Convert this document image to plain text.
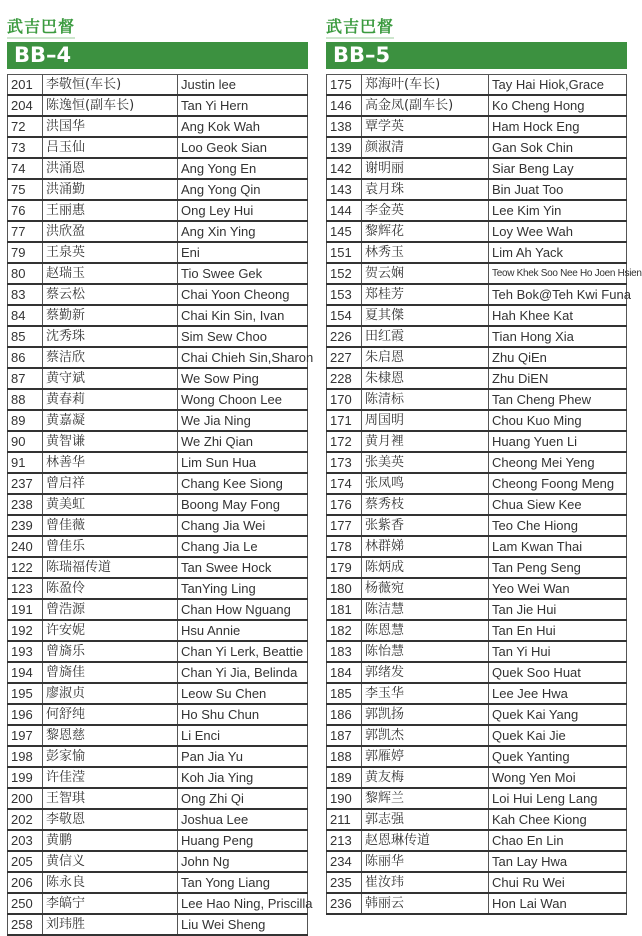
武吉巴督
BB–4
201	李敬恒(车长)	Justin lee
204	陈逸恒(副车长)	Tan Yi Hern
72	洪国华	Ang Kok Wah
73	吕玉仙	Loo Geok Sian
74	洪涌恩	Ang Yong En
75	洪涌勤	Ang Yong Qin
76	王丽惠	Ong Ley Hui
77	洪欣盈	Ang Xin Ying
79	王泉英	Eni
80	赵瑞玉	Tio Swee Gek
83	蔡云松	Chai Yoon Cheong
84	蔡勤新	Chai Kin Sin, Ivan
85	沈秀珠	Sim Sew Choo
86	蔡洁欣	Chai Chieh Sin,Sharon
87	黄守斌	We Sow Ping
88	黄春莉	Wong Choon Lee
89	黄嘉凝	We Jia Ning
90	黄智谦	We Zhi Qian
91	林善华	Lim Sun Hua
237	曾启祥	Chang Kee Siong
238	黄美虹	Boong May Fong
239	曾佳薇	Chang Jia Wei
240	曾佳乐	Chang Jia Le
122	陈瑞福传道	Tan Swee Hock
123	陈盈伶	TanYing Ling
191	曾浩源	Chan How Nguang
192	许安妮	Hsu Annie
193	曾旖乐	Chan Yi Lerk, Beattie
194	曾旖佳	Chan Yi Jia, Belinda
195	廖淑贞	Leow Su Chen
196	何舒纯	Ho Shu Chun
197	黎恩慈	Li Enci
198	彭家愉	Pan Jia Yu
199	许佳滢	Koh Jia Ying
200	王智琪	Ong Zhi Qi
202	李敬恩	Joshua Lee
203	黄鹏	Huang Peng
205	黄信义	John Ng
206	陈永良	Tan Yong Liang
250	李皜宁	Lee Hao Ning, Priscilla
258	刘玮胜	Liu Wei Sheng
武吉巴督
BB–5
175	郑海叶(车长)	Tay Hai Hiok,Grace
146	高金凤(副车长)	Ko Cheng Hong
138	覃学英	Ham Hock Eng
139	颜淑清	Gan Sok Chin
142	谢明丽	Siar Beng Lay
143	袁月珠	Bin Juat Too
144	李金英	Lee Kim Yin
145	黎辉花	Loy Wee Wah
151	林秀玉	Lim Ah Yack
152	贺云娴	Teow Khek Soo Nee Ho Joen Hsien
153	郑桂芳	Teh Bok@Teh Kwi Funa
154	夏其傑	Hah Khee Kat
226	田红霞	Tian Hong Xia
227	朱启恩	Zhu QiEn
228	朱棣恩	Zhu DiEN
170	陈清标	Tan Cheng Phew
171	周国明	Chou Kuo Ming
172	黄月裡	Huang Yuen Li
173	张美英	Cheong Mei Yeng
174	张凤鸣	Cheong Foong Meng
176	蔡秀枝	Chua Siew Kee
177	张紫香	Teo Che Hiong
178	林群娣	Lam Kwan Thai
179	陈炳成	Tan Peng Seng
180	杨薇宛	Yeo Wei Wan
181	陈洁慧	Tan Jie Hui
182	陈恩慧	Tan En Hui
183	陈怡慧	Tan Yi Hui
184	郭绪发	Quek Soo Huat
185	李玉华	Lee Jee Hwa
186	郭凯扬	Quek Kai Yang
187	郭凯杰	Quek Kai Jie
188	郭雁婷	Quek Yanting
189	黄友梅	Wong Yen Moi
190	黎辉兰	Loi Hui Leng Lang
211	郭志强	Kah Chee Kiong
213	赵恩琳传道	Chao En Lin
234	陈丽华	Tan Lay Hwa
235	崔汝玮	Chui Ru Wei
236	韩丽云	Hon Lai Wan
